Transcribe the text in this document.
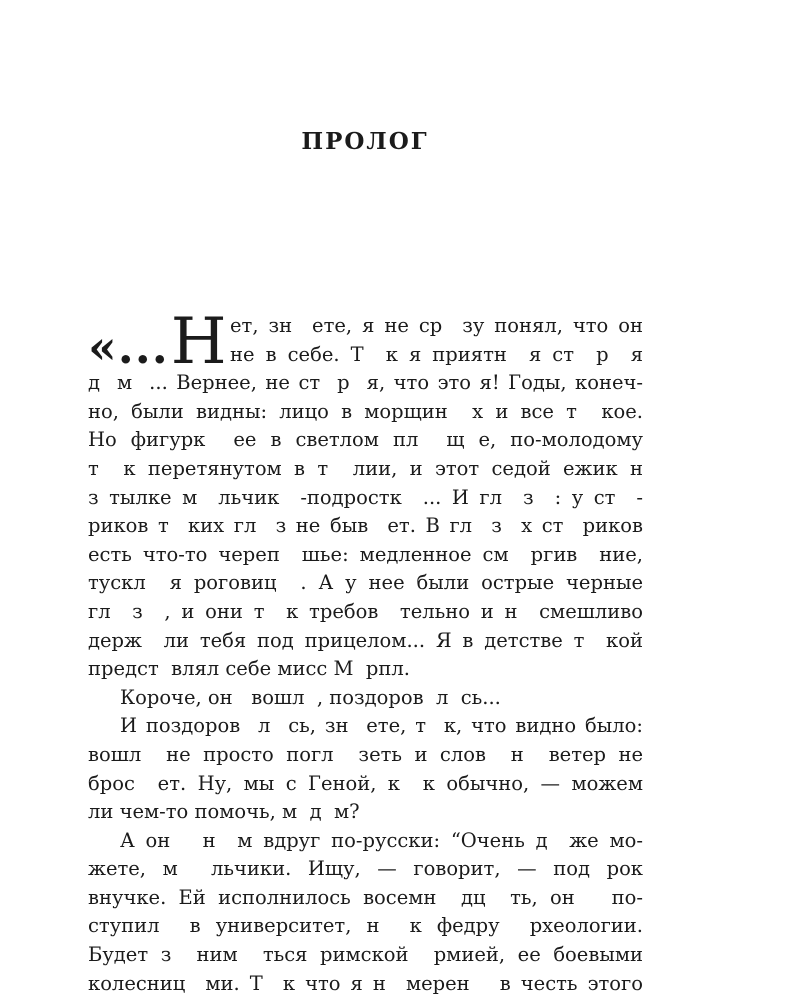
ПРОЛОГ
«... Н ет, зн  ете, я не ср  зу понял, что он
не в себе. Т  к я приятн  я ст  р  я
д  м  ... Вернее, не ст  р  я, что это я! Годы, конеч-
но, были видны: лицо в морщин  х и все т  кое.
Но фигурк  ее в светлом пл  щ е, по-молодому
т  к перетянутом в т  лии, и этот седой ежик н
з тылке м  льчик  -подростк  ... И гл  з  : у ст  -
риков т  ких гл  з не быв  ет. В гл  з  х ст  риков
есть что-то череп  шье: медленное см  ргив  ние,
тускл  я роговиц  . А у нее были острые черные
гл  з  , и они т  к требов  тельно и н  смешливо
держ  ли тебя под прицелом... Я в детстве т  кой
предст  влял себе мисс М  рпл.
Короче, он   вошл  , поздоров  л  сь...
И поздоров  л  сь, зн  ете, т  к, что видно было:
вошл  не просто погл  зеть и слов  н  ветер не
брос  ет. Ну, мы с Геной, к  к обычно, — можем
ли чем-то помочь, м  д  м?
А он   н  м вдруг по-русски: “Очень д  же мо-
жете, м  льчики. Ищу, — говорит, — под рок
внучке. Ей исполнилось восемн  дц  ть, он   по-
ступил  в университет, н  к федру  рхеологии.
Будет з  ним  ться римской  рмией, ее боевыми
колесниц  ми. Т  к что я н  мерен   в честь этого
